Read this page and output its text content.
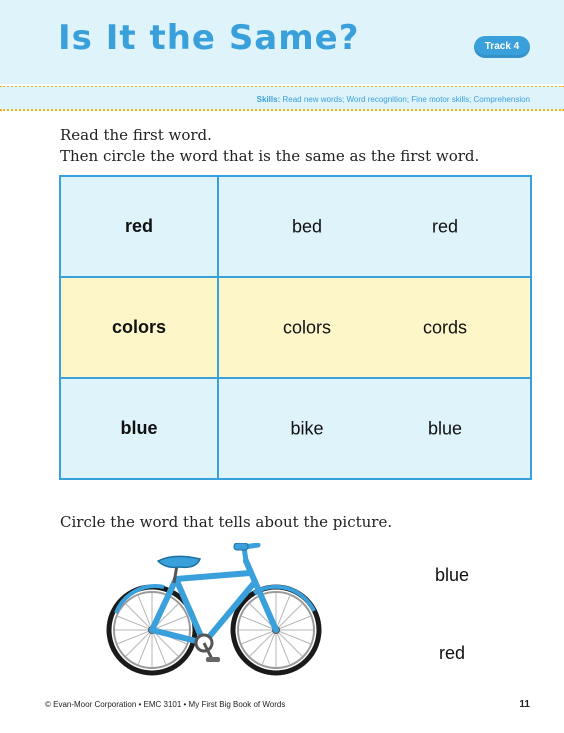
Is It the Same?	Track 4
Skills: Read new words; Word recognition; Fine motor skills; Comprehension
Read the first word.
Then circle the word that is the same as the first word.
red	bed red

colors	colors cords

blue	bike blue
Circle the word that tells about the picture.
blue
red
© Evan-Moor Corporation • EMC 3101 • My First Big Book of Words	11
